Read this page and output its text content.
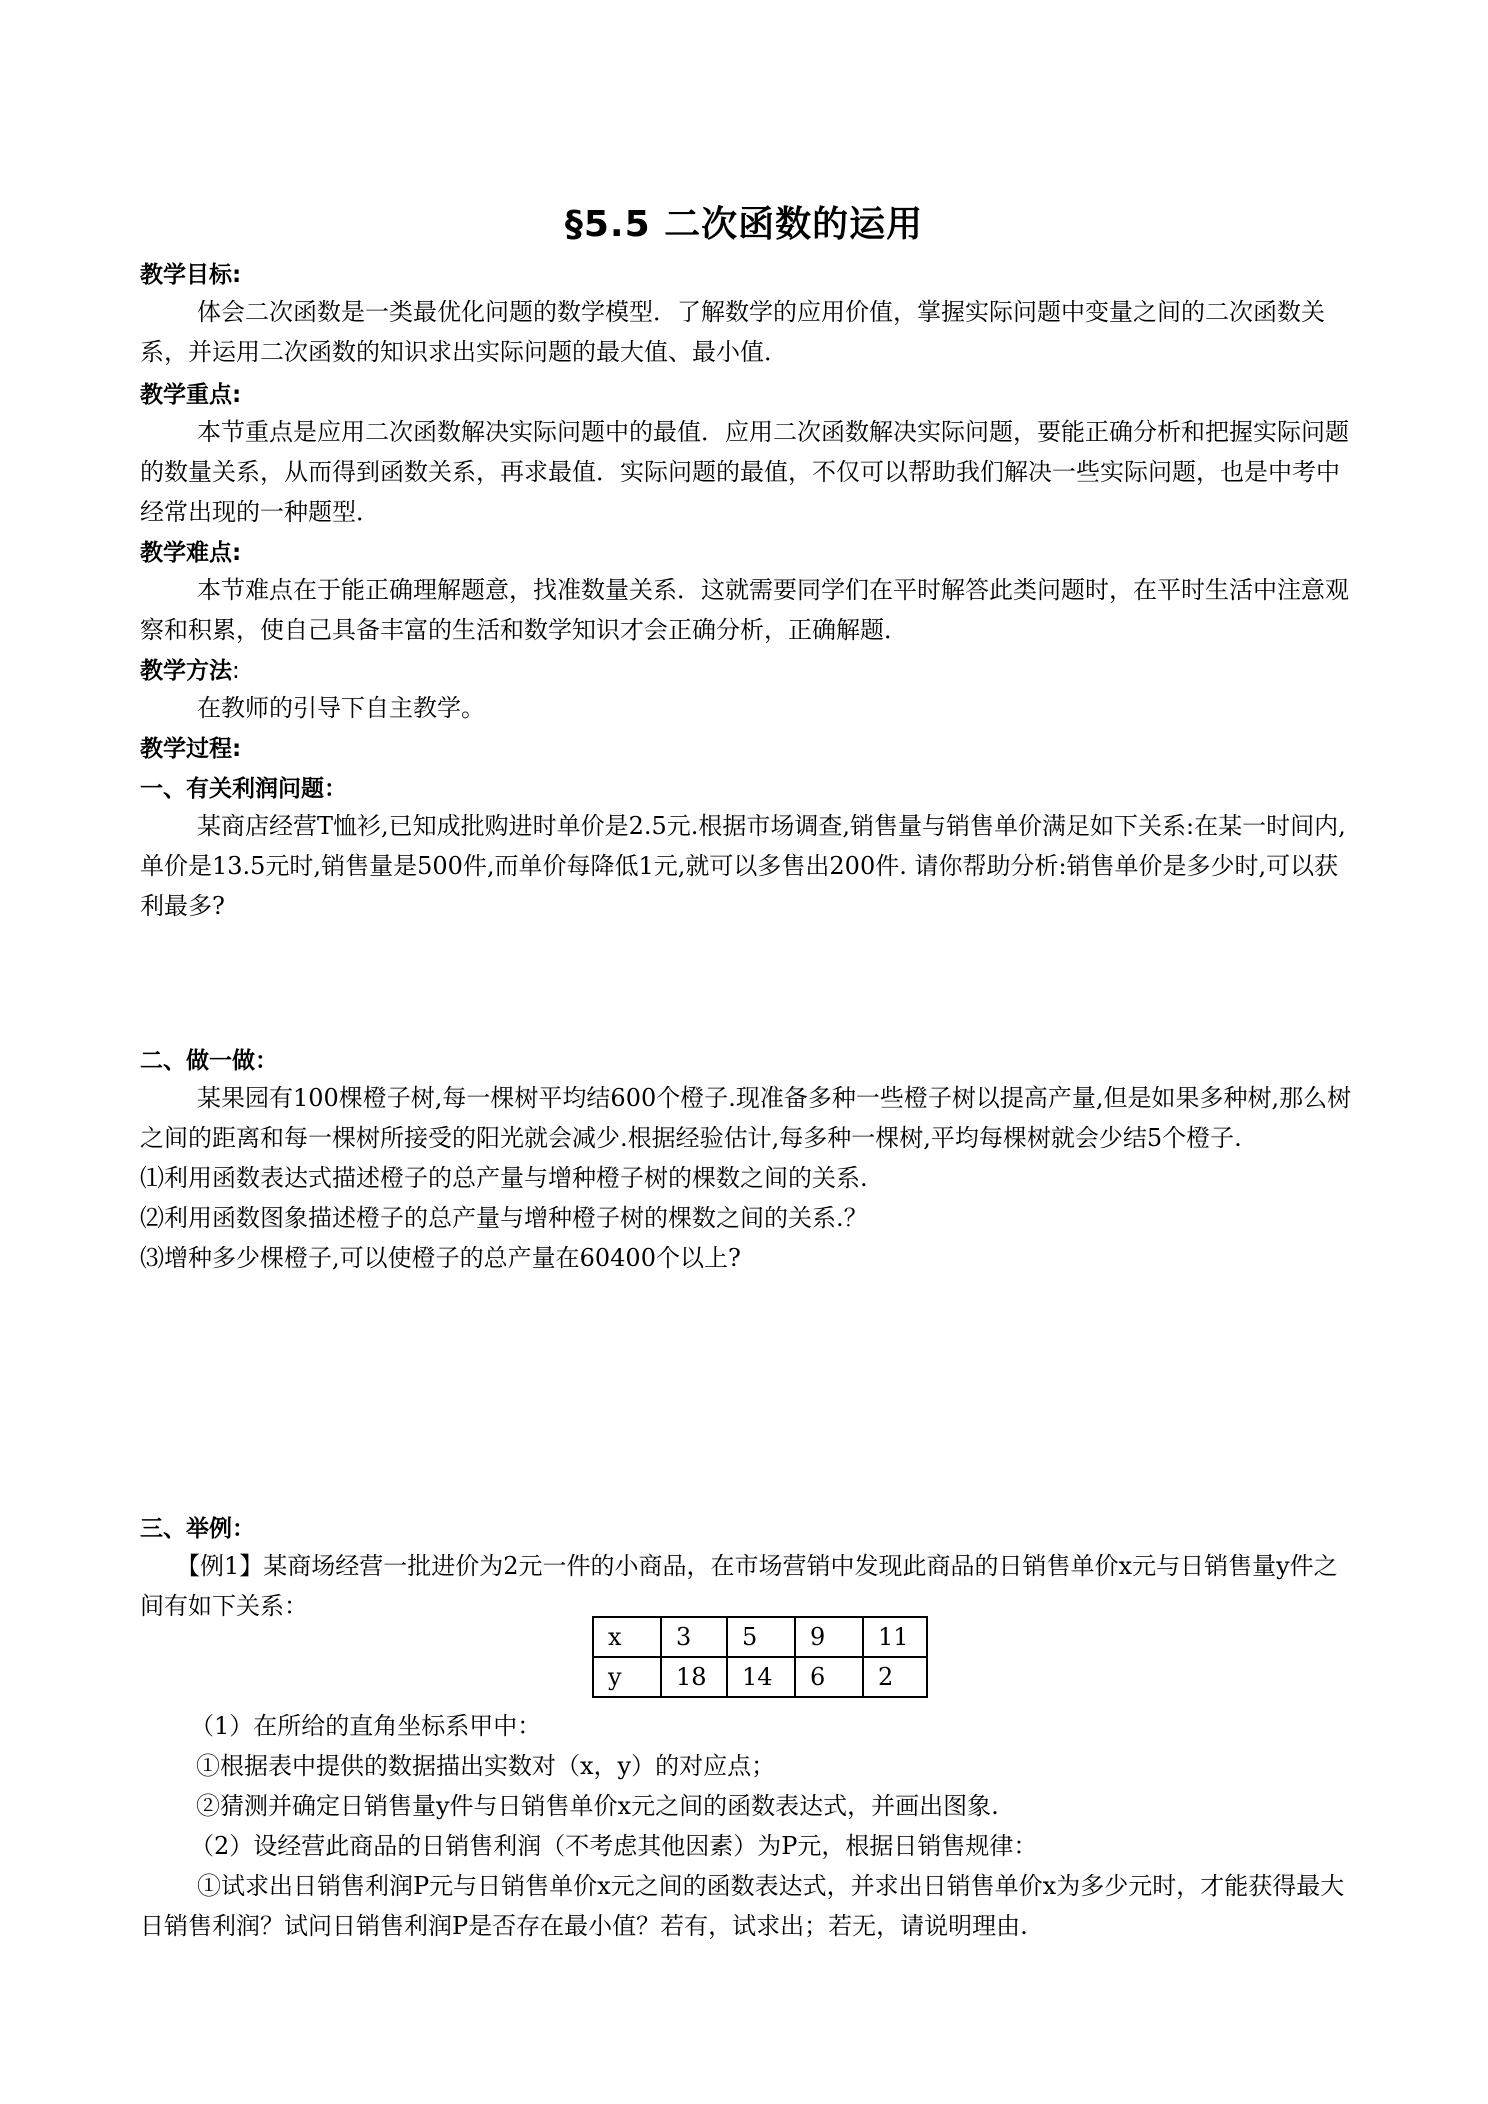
§5.5 二次函数的运用
教学目标:

体会二次函数是一类最优化问题的数学模型．了解数学的应用价值，掌握实际问题中变量之间的二次函数关系，并运用二次函数的知识求出实际问题的最大值、最小值．

教学重点:

本节重点是应用二次函数解决实际问题中的最值．应用二次函数解决实际问题，要能正确分析和把握实际问题的数量关系，从而得到函数关系，再求最值．实际问题的最值，不仅可以帮助我们解决一些实际问题，也是中考中经常出现的一种题型．

教学难点:

本节难点在于能正确理解题意，找准数量关系．这就需要同学们在平时解答此类问题时，在平时生活中注意观察和积累，使自己具备丰富的生活和数学知识才会正确分析，正确解题．

教学方法:

在教师的引导下自主教学。

教学过程:
一、有关利润问题：

某商店经营T恤衫,已知成批购进时单价是2.5元.根据市场调查,销售量与销售单价满足如下关系:在某一时间内,单价是13.5元时,销售量是500件,而单价每降低1元,就可以多售出200件. 请你帮助分析:销售单价是多少时,可以获利最多?

二、做一做：

某果园有100棵橙子树,每一棵树平均结600个橙子.现准备多种一些橙子树以提高产量,但是如果多种树,那么树之间的距离和每一棵树所接受的阳光就会减少.根据经验估计,每多种一棵树,平均每棵树就会少结5个橙子.

⑴利用函数表达式描述橙子的总产量与增种橙子树的棵数之间的关系.

⑵利用函数图象描述橙子的总产量与增种橙子树的棵数之间的关系.？

⑶增种多少棵橙子,可以使橙子的总产量在60400个以上?

三、举例：

【例1】某商场经营一批进价为2元一件的小商品，在市场营销中发现此商品的日销售单价x元与日销售量y件之间有如下关系：

x	3	5	9	11
y	18	14	6	2

（1）在所给的直角坐标系甲中：

①根据表中提供的数据描出实数对（x，y）的对应点；

②猜测并确定日销售量y件与日销售单价x元之间的函数表达式，并画出图象.

（2）设经营此商品的日销售利润（不考虑其他因素）为P元，根据日销售规律：

①试求出日销售利润P元与日销售单价x元之间的函数表达式，并求出日销售单价x为多少元时，才能获得最大日销售利润？试问日销售利润P是否存在最小值？若有，试求出；若无，请说明理由.
